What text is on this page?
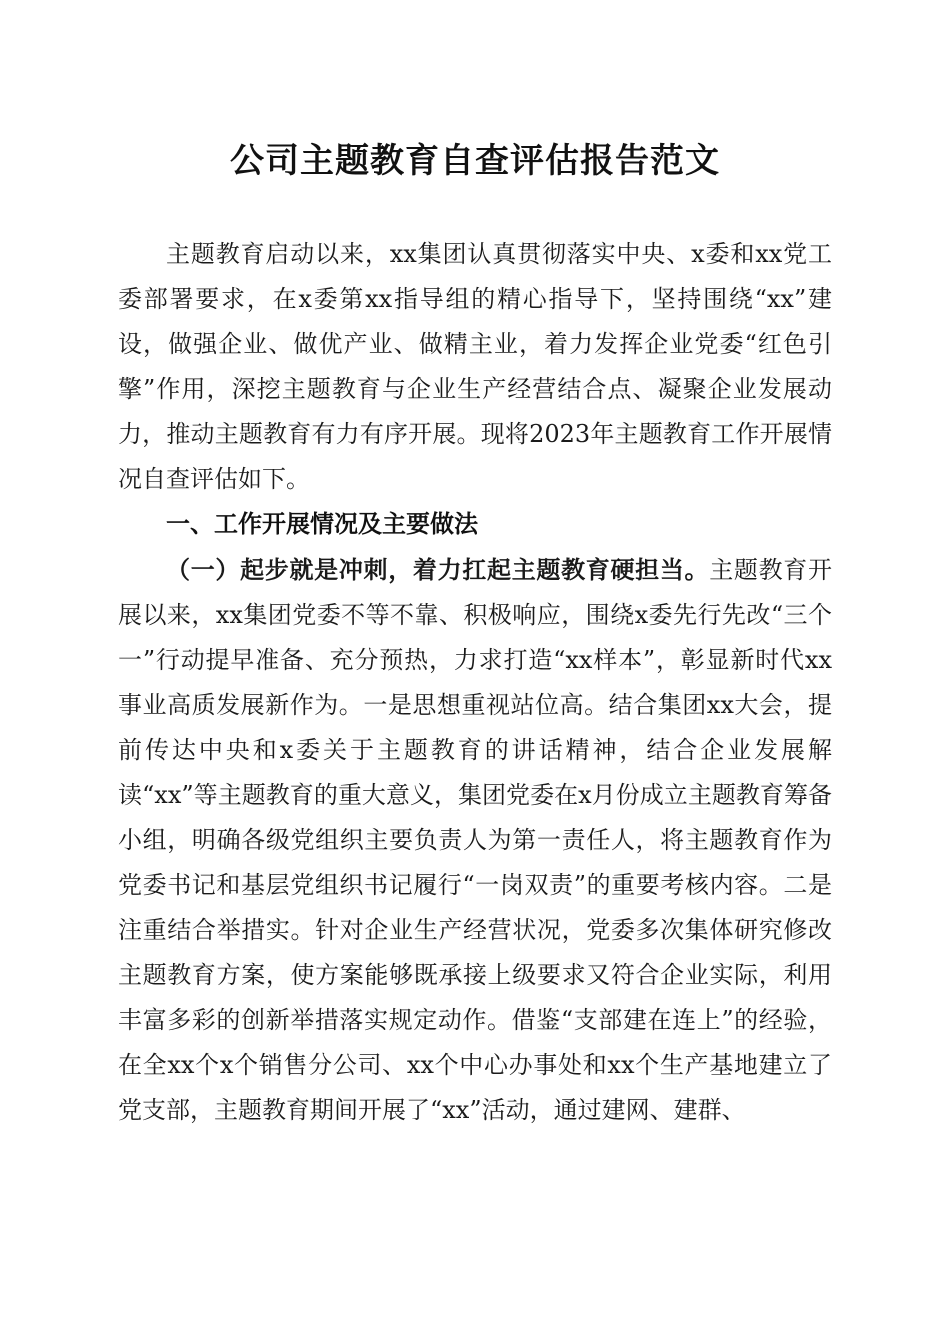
公司主题教育自查评估报告范文

主题教育启动以来，xx集团认真贯彻落实中央、x委和xx党工委部署要求，在x委第xx指导组的精心指导下，坚持围绕“xx”建设，做强企业、做优产业、做精主业，着力发挥企业党委“红色引擎”作用，深挖主题教育与企业生产经营结合点、凝聚企业发展动力，推动主题教育有力有序开展。现将2023年主题教育工作开展情况自查评估如下。

一、工作开展情况及主要做法

（一）起步就是冲刺，着力扛起主题教育硬担当。主题教育开展以来，xx集团党委不等不靠、积极响应，围绕x委先行先改“三个一”行动提早准备、充分预热，力求打造“xx样本”，彰显新时代xx事业高质发展新作为。一是思想重视站位高。结合集团xx大会，提前传达中央和x委关于主题教育的讲话精神，结合企业发展解读“xx”等主题教育的重大意义，集团党委在x月份成立主题教育筹备小组，明确各级党组织主要负责人为第一责任人，将主题教育作为党委书记和基层党组织书记履行“一岗双责”的重要考核内容。二是注重结合举措实。针对企业生产经营状况，党委多次集体研究修改主题教育方案，使方案能够既承接上级要求又符合企业实际，利用丰富多彩的创新举措落实规定动作。借鉴“支部建在连上”的经验，在全xx个x个销售分公司、xx个中心办事处和xx个生产基地建立了党支部，主题教育期间开展了“xx”活动，通过建网、建群、
